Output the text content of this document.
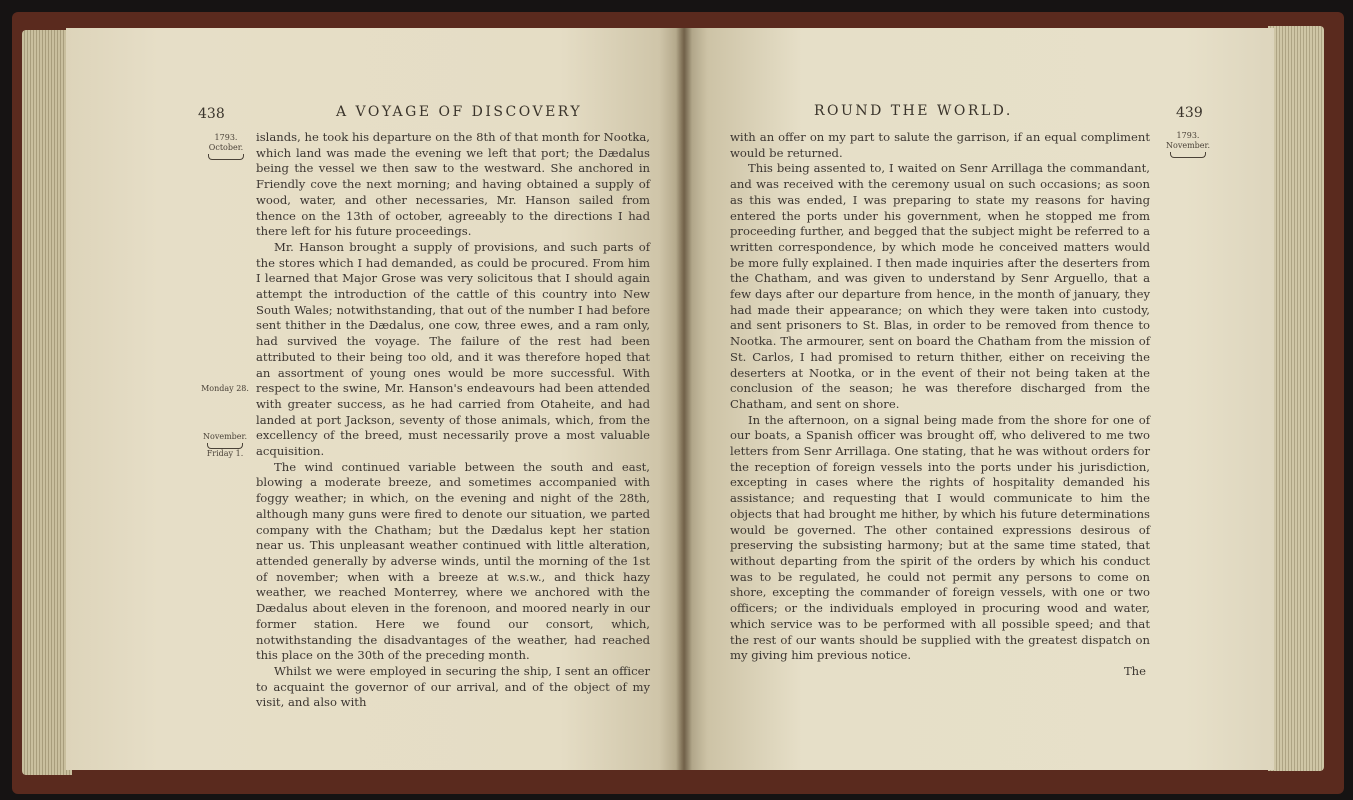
438	A VOYAGE OF DISCOVERY
1793.
October.
Monday 28.
November.
Friday 1.

islands, he took his departure on the 8th of that month for Nootka, which land was made the evening we left that port; the Dædalus being the vessel we then saw to the westward. She anchored in Friendly cove the next morning; and having obtained a supply of wood, water, and other necessaries, Mr. Hanson sailed from thence on the 13th of october, agreeably to the directions I had there left for his future proceedings.

Mr. Hanson brought a supply of provisions, and such parts of the stores which I had demanded, as could be procured. From him I learned that Major Grose was very solicitous that I should again attempt the introduction of the cattle of this country into New South Wales; notwithstanding, that out of the number I had before sent thither in the Dædalus, one cow, three ewes, and a ram only, had survived the voyage. The failure of the rest had been attributed to their being too old, and it was therefore hoped that an assortment of young ones would be more successful. With respect to the swine, Mr. Hanson's endeavours had been attended with greater success, as he had carried from Otaheite, and had landed at port Jackson, seventy of those animals, which, from the excellency of the breed, must necessarily prove a most valuable acquisition.

The wind continued variable between the south and east, blowing a moderate breeze, and sometimes accompanied with foggy weather; in which, on the evening and night of the 28th, although many guns were fired to denote our situation, we parted company with the Chatham; but the Dædalus kept her station near us. This unpleasant weather continued with little alteration, attended generally by adverse winds, until the morning of the 1st of november; when with a breeze at w.s.w., and thick hazy weather, we reached Monterrey, where we anchored with the Dædalus about eleven in the forenoon, and moored nearly in our former station. Here we found our consort, which, notwithstanding the disadvantages of the weather, had reached this place on the 30th of the preceding month.

Whilst we were employed in securing the ship, I sent an officer to acquaint the governor of our arrival, and of the object of my visit, and also with

ROUND THE WORLD.	439
1793.
November.

with an offer on my part to salute the garrison, if an equal compliment would be returned.

This being assented to, I waited on Senr Arrillaga the commandant, and was received with the ceremony usual on such occasions; as soon as this was ended, I was preparing to state my reasons for having entered the ports under his government, when he stopped me from proceeding further, and begged that the subject might be referred to a written correspondence, by which mode he conceived matters would be more fully explained. I then made inquiries after the deserters from the Chatham, and was given to understand by Senr Arguello, that a few days after our departure from hence, in the month of january, they had made their appearance; on which they were taken into custody, and sent prisoners to St. Blas, in order to be removed from thence to Nootka. The armourer, sent on board the Chatham from the mission of St. Carlos, I had promised to return thither, either on receiving the deserters at Nootka, or in the event of their not being taken at the conclusion of the season; he was therefore discharged from the Chatham, and sent on shore.

In the afternoon, on a signal being made from the shore for one of our boats, a Spanish officer was brought off, who delivered to me two letters from Senr Arrillaga. One stating, that he was without orders for the reception of foreign vessels into the ports under his jurisdiction, excepting in cases where the rights of hospitality demanded his assistance; and requesting that I would communicate to him the objects that had brought me hither, by which his future determinations would be governed. The other contained expressions desirous of preserving the subsisting harmony; but at the same time stated, that without departing from the spirit of the orders by which his conduct was to be regulated, he could not permit any persons to come on shore, excepting the commander of foreign vessels, with one or two officers; or the individuals employed in procuring wood and water, which service was to be performed with all possible speed; and that the rest of our wants should be supplied with the greatest dispatch on my giving him previous notice.

The
